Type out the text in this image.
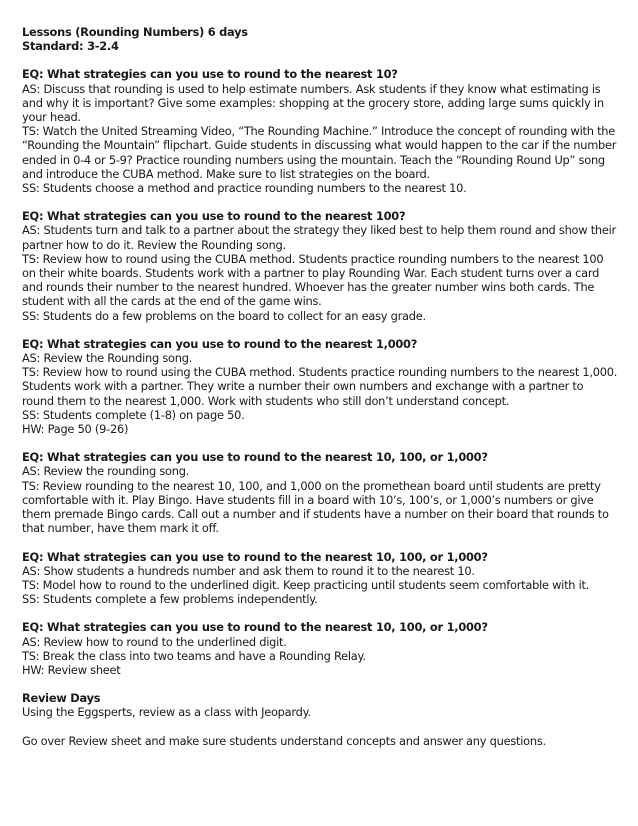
Lessons (Rounding Numbers) 6 days
Standard: 3-2.4
EQ: What strategies can you use to round to the nearest 10?
AS: Discuss that rounding is used to help estimate numbers. Ask students if they know what estimating is and why it is important? Give some examples: shopping at the grocery store, adding large sums quickly in your head.
TS: Watch the United Streaming Video, “The Rounding Machine.” Introduce the concept of rounding with the “Rounding the Mountain” flipchart. Guide students in discussing what would happen to the car if the number ended in 0-4 or 5-9? Practice rounding numbers using the mountain. Teach the “Rounding Round Up” song and introduce the CUBA method. Make sure to list strategies on the board.
SS: Students choose a method and practice rounding numbers to the nearest 10.
EQ: What strategies can you use to round to the nearest 100?
AS: Students turn and talk to a partner about the strategy they liked best to help them round and show their partner how to do it. Review the Rounding song.
TS: Review how to round using the CUBA method. Students practice rounding numbers to the nearest 100 on their white boards. Students work with a partner to play Rounding War. Each student turns over a card and rounds their number to the nearest hundred. Whoever has the greater number wins both cards. The student with all the cards at the end of the game wins.
SS: Students do a few problems on the board to collect for an easy grade.
EQ: What strategies can you use to round to the nearest 1,000?
AS: Review the Rounding song.
TS: Review how to round using the CUBA method. Students practice rounding numbers to the nearest 1,000. Students work with a partner. They write a number their own numbers and exchange with a partner to round them to the nearest 1,000. Work with students who still don’t understand concept.
SS: Students complete (1-8) on page 50.
HW: Page 50 (9-26)
EQ: What strategies can you use to round to the nearest 10, 100, or 1,000?
AS: Review the rounding song.
TS: Review rounding to the nearest 10, 100, and 1,000 on the promethean board until students are pretty comfortable with it. Play Bingo. Have students fill in a board with 10’s, 100’s, or 1,000’s numbers or give them premade Bingo cards. Call out a number and if students have a number on their board that rounds to that number, have them mark it off.
EQ: What strategies can you use to round to the nearest 10, 100, or 1,000?
AS: Show students a hundreds number and ask them to round it to the nearest 10.
TS: Model how to round to the underlined digit. Keep practicing until students seem comfortable with it.
SS: Students complete a few problems independently.
EQ: What strategies can you use to round to the nearest 10, 100, or 1,000?
AS: Review how to round to the underlined digit.
TS: Break the class into two teams and have a Rounding Relay.
HW: Review sheet
Review Days
Using the Eggsperts, review as a class with Jeopardy.
Go over Review sheet and make sure students understand concepts and answer any questions.
